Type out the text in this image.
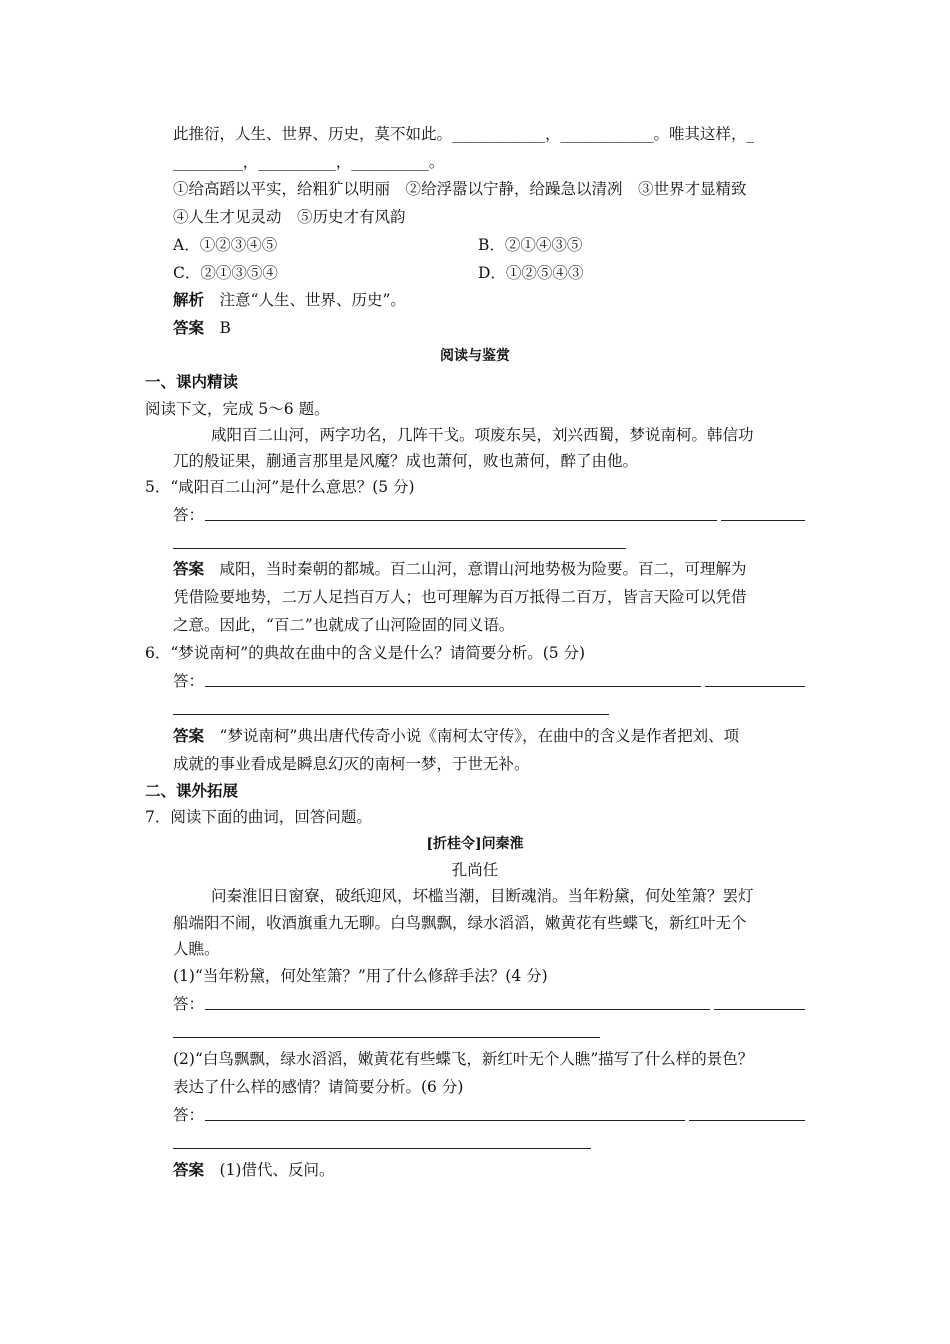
此推衍，人生、世界、历史，莫不如此。____________，____________。唯其这样，_
_________，__________，__________。
①给高蹈以平实，给粗犷以明丽　②给浮嚣以宁静，给躁急以清冽　③世界才显精致
④人生才见灵动　⑤历史才有风韵
A．①②③④⑤	B．②①④③⑤
C．②①③⑤④	D．①②⑤④③
解析　注意“人生、世界、历史”。
答案　B
阅读与鉴赏
一、课内精读
阅读下文，完成 5～6 题。
咸阳百二山河，两字功名，几阵干戈。项废东吴，刘兴西蜀，梦说南柯。韩信功
兀的般证果，蒯通言那里是风魔？成也萧何，败也萧何，醉了由他。
5．“咸阳百二山河”是什么意思？(5 分)
答：
答案　咸阳，当时秦朝的都城。百二山河，意谓山河地势极为险要。百二，可理解为
凭借险要地势，二万人足挡百万人；也可理解为百万抵得二百万，皆言天险可以凭借
之意。因此，“百二”也就成了山河险固的同义语。
6．“梦说南柯”的典故在曲中的含义是什么？请简要分析。(5 分)
答：
答案　“梦说南柯”典出唐代传奇小说《南柯太守传》，在曲中的含义是作者把刘、项
成就的事业看成是瞬息幻灭的南柯一梦，于世无补。
二、课外拓展
7．阅读下面的曲词，回答问题。
[折桂令]问秦淮
孔尚任
问秦淮旧日窗寮，破纸迎风，坏槛当潮，目断魂消。当年粉黛，何处笙箫？罢灯
船端阳不闹，收酒旗重九无聊。白鸟飘飘，绿水滔滔，嫩黄花有些蝶飞，新红叶无个
人瞧。
(1)“当年粉黛，何处笙箫？”用了什么修辞手法？(4 分)
答：
(2)“白鸟飘飘，绿水滔滔，嫩黄花有些蝶飞，新红叶无个人瞧”描写了什么样的景色？
表达了什么样的感情？请简要分析。(6 分)
答：
答案　(1)借代、反问。
